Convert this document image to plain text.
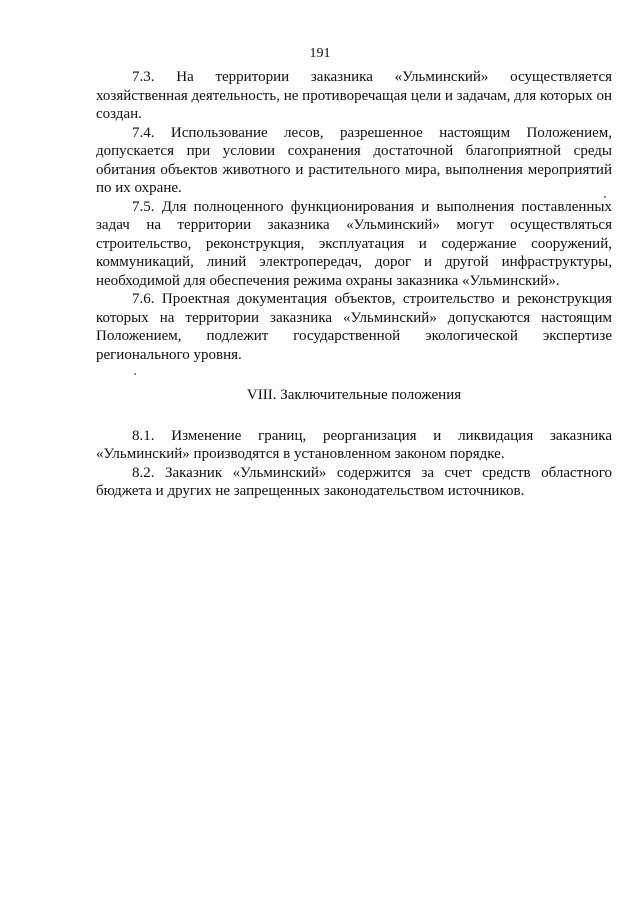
191

7.3. На территории заказника «Ульминский» осуществляется хозяйственная деятельность, не противоречащая цели и задачам, для которых он создан.

7.4. Использование лесов, разрешенное настоящим Положением, допускается при условии сохранения достаточной благоприятной среды обитания объектов животного и растительного мира, выполнения мероприятий по их охране.

7.5. Для полноценного функционирования и выполнения поставленных задач на территории заказника «Ульминский» могут осуществляться строительство, реконструкция, эксплуатация и содержание сооружений, коммуникаций, линий электропередач, дорог и другой инфраструктуры, необходимой для обеспечения режима охраны заказника «Ульминский».

7.6. Проектная документация объектов, строительство и реконструкция которых на территории заказника «Ульминский» допускаются настоящим Положением, подлежит государственной экологической экспертизе регионального уровня.

VIII. Заключительные положения

8.1. Изменение границ, реорганизация и ликвидация заказника «Ульминский» производятся в установленном законом порядке.

8.2. Заказник «Ульминский» содержится за счет средств областного бюджета и других не запрещенных законодательством источников.
